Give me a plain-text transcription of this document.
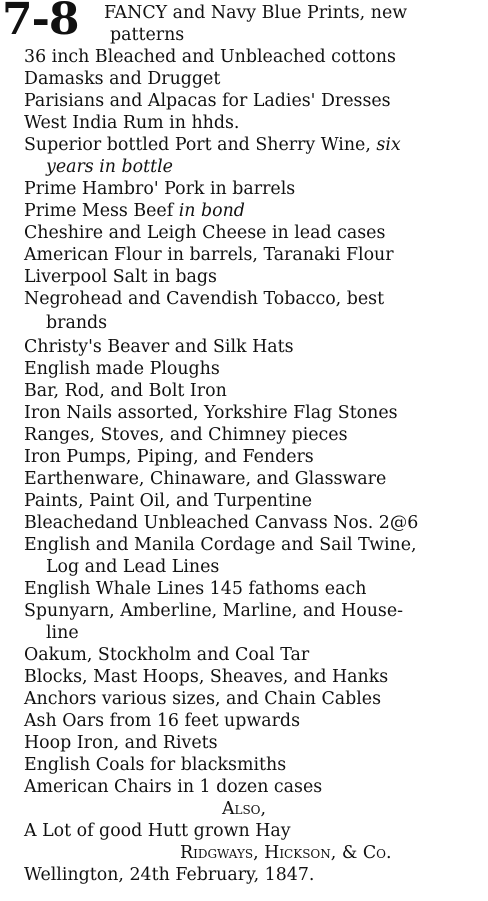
7-8 FANCY and Navy Blue Prints, new
patterns
36 inch Bleached and Unbleached cottons
Damasks and Drugget
Parisians and Alpacas for Ladies' Dresses
West India Rum in hhds.
Superior bottled Port and Sherry Wine, six
years in bottle
Prime Hambro' Pork in barrels
Prime Mess Beef in bond
Cheshire and Leigh Cheese in lead cases
American Flour in barrels, Taranaki Flour
Liverpool Salt in bags
Negrohead and Cavendish Tobacco, best
brands
Christy's Beaver and Silk Hats
English made Ploughs
Bar, Rod, and Bolt Iron
Iron Nails assorted, Yorkshire Flag Stones
Ranges, Stoves, and Chimney pieces
Iron Pumps, Piping, and Fenders
Earthenware, Chinaware, and Glassware
Paints, Paint Oil, and Turpentine
Bleachedand Unbleached Canvass Nos. 2@6
English and Manila Cordage and Sail Twine,
Log and Lead Lines
English Whale Lines 145 fathoms each
Spunyarn, Amberline, Marline, and House-
line
Oakum, Stockholm and Coal Tar
Blocks, Mast Hoops, Sheaves, and Hanks
Anchors various sizes, and Chain Cables
Ash Oars from 16 feet upwards
Hoop Iron, and Rivets
English Coals for blacksmiths
American Chairs in 1 dozen cases
Also,
A Lot of good Hutt grown Hay
Ridgways, Hickson, & Co.
Wellington, 24th February, 1847.
